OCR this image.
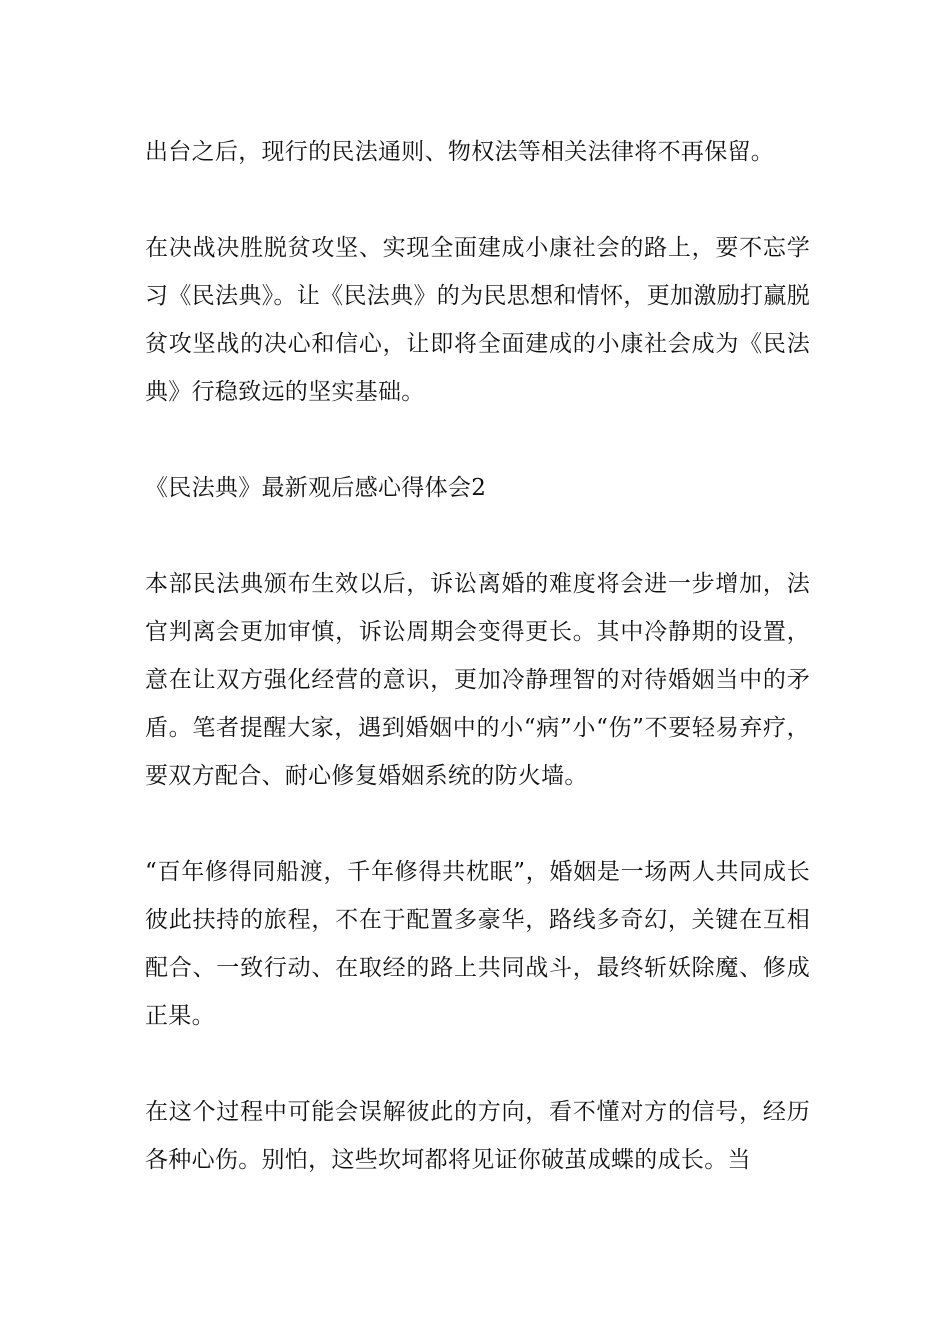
出台之后，现行的民法通则、物权法等相关法律将不再保留。

在决战决胜脱贫攻坚、实现全面建成小康社会的路上，要不忘学习《民法典》。让《民法典》的为民思想和情怀，更加激励打赢脱贫攻坚战的决心和信心，让即将全面建成的小康社会成为《民法典》行稳致远的坚实基础。

《民法典》最新观后感心得体会2

本部民法典颁布生效以后，诉讼离婚的难度将会进一步增加，法官判离会更加审慎，诉讼周期会变得更长。其中冷静期的设置，意在让双方强化经营的意识，更加冷静理智的对待婚姻当中的矛盾。笔者提醒大家，遇到婚姻中的小“病”小“伤”不要轻易弃疗，要双方配合、耐心修复婚姻系统的防火墙。

“百年修得同船渡，千年修得共枕眠”，婚姻是一场两人共同成长彼此扶持的旅程，不在于配置多豪华，路线多奇幻，关键在互相配合、一致行动、在取经的路上共同战斗，最终斩妖除魔、修成正果。

在这个过程中可能会误解彼此的方向，看不懂对方的信号，经历各种心伤。别怕，这些坎坷都将见证你破茧成蝶的成长。当
